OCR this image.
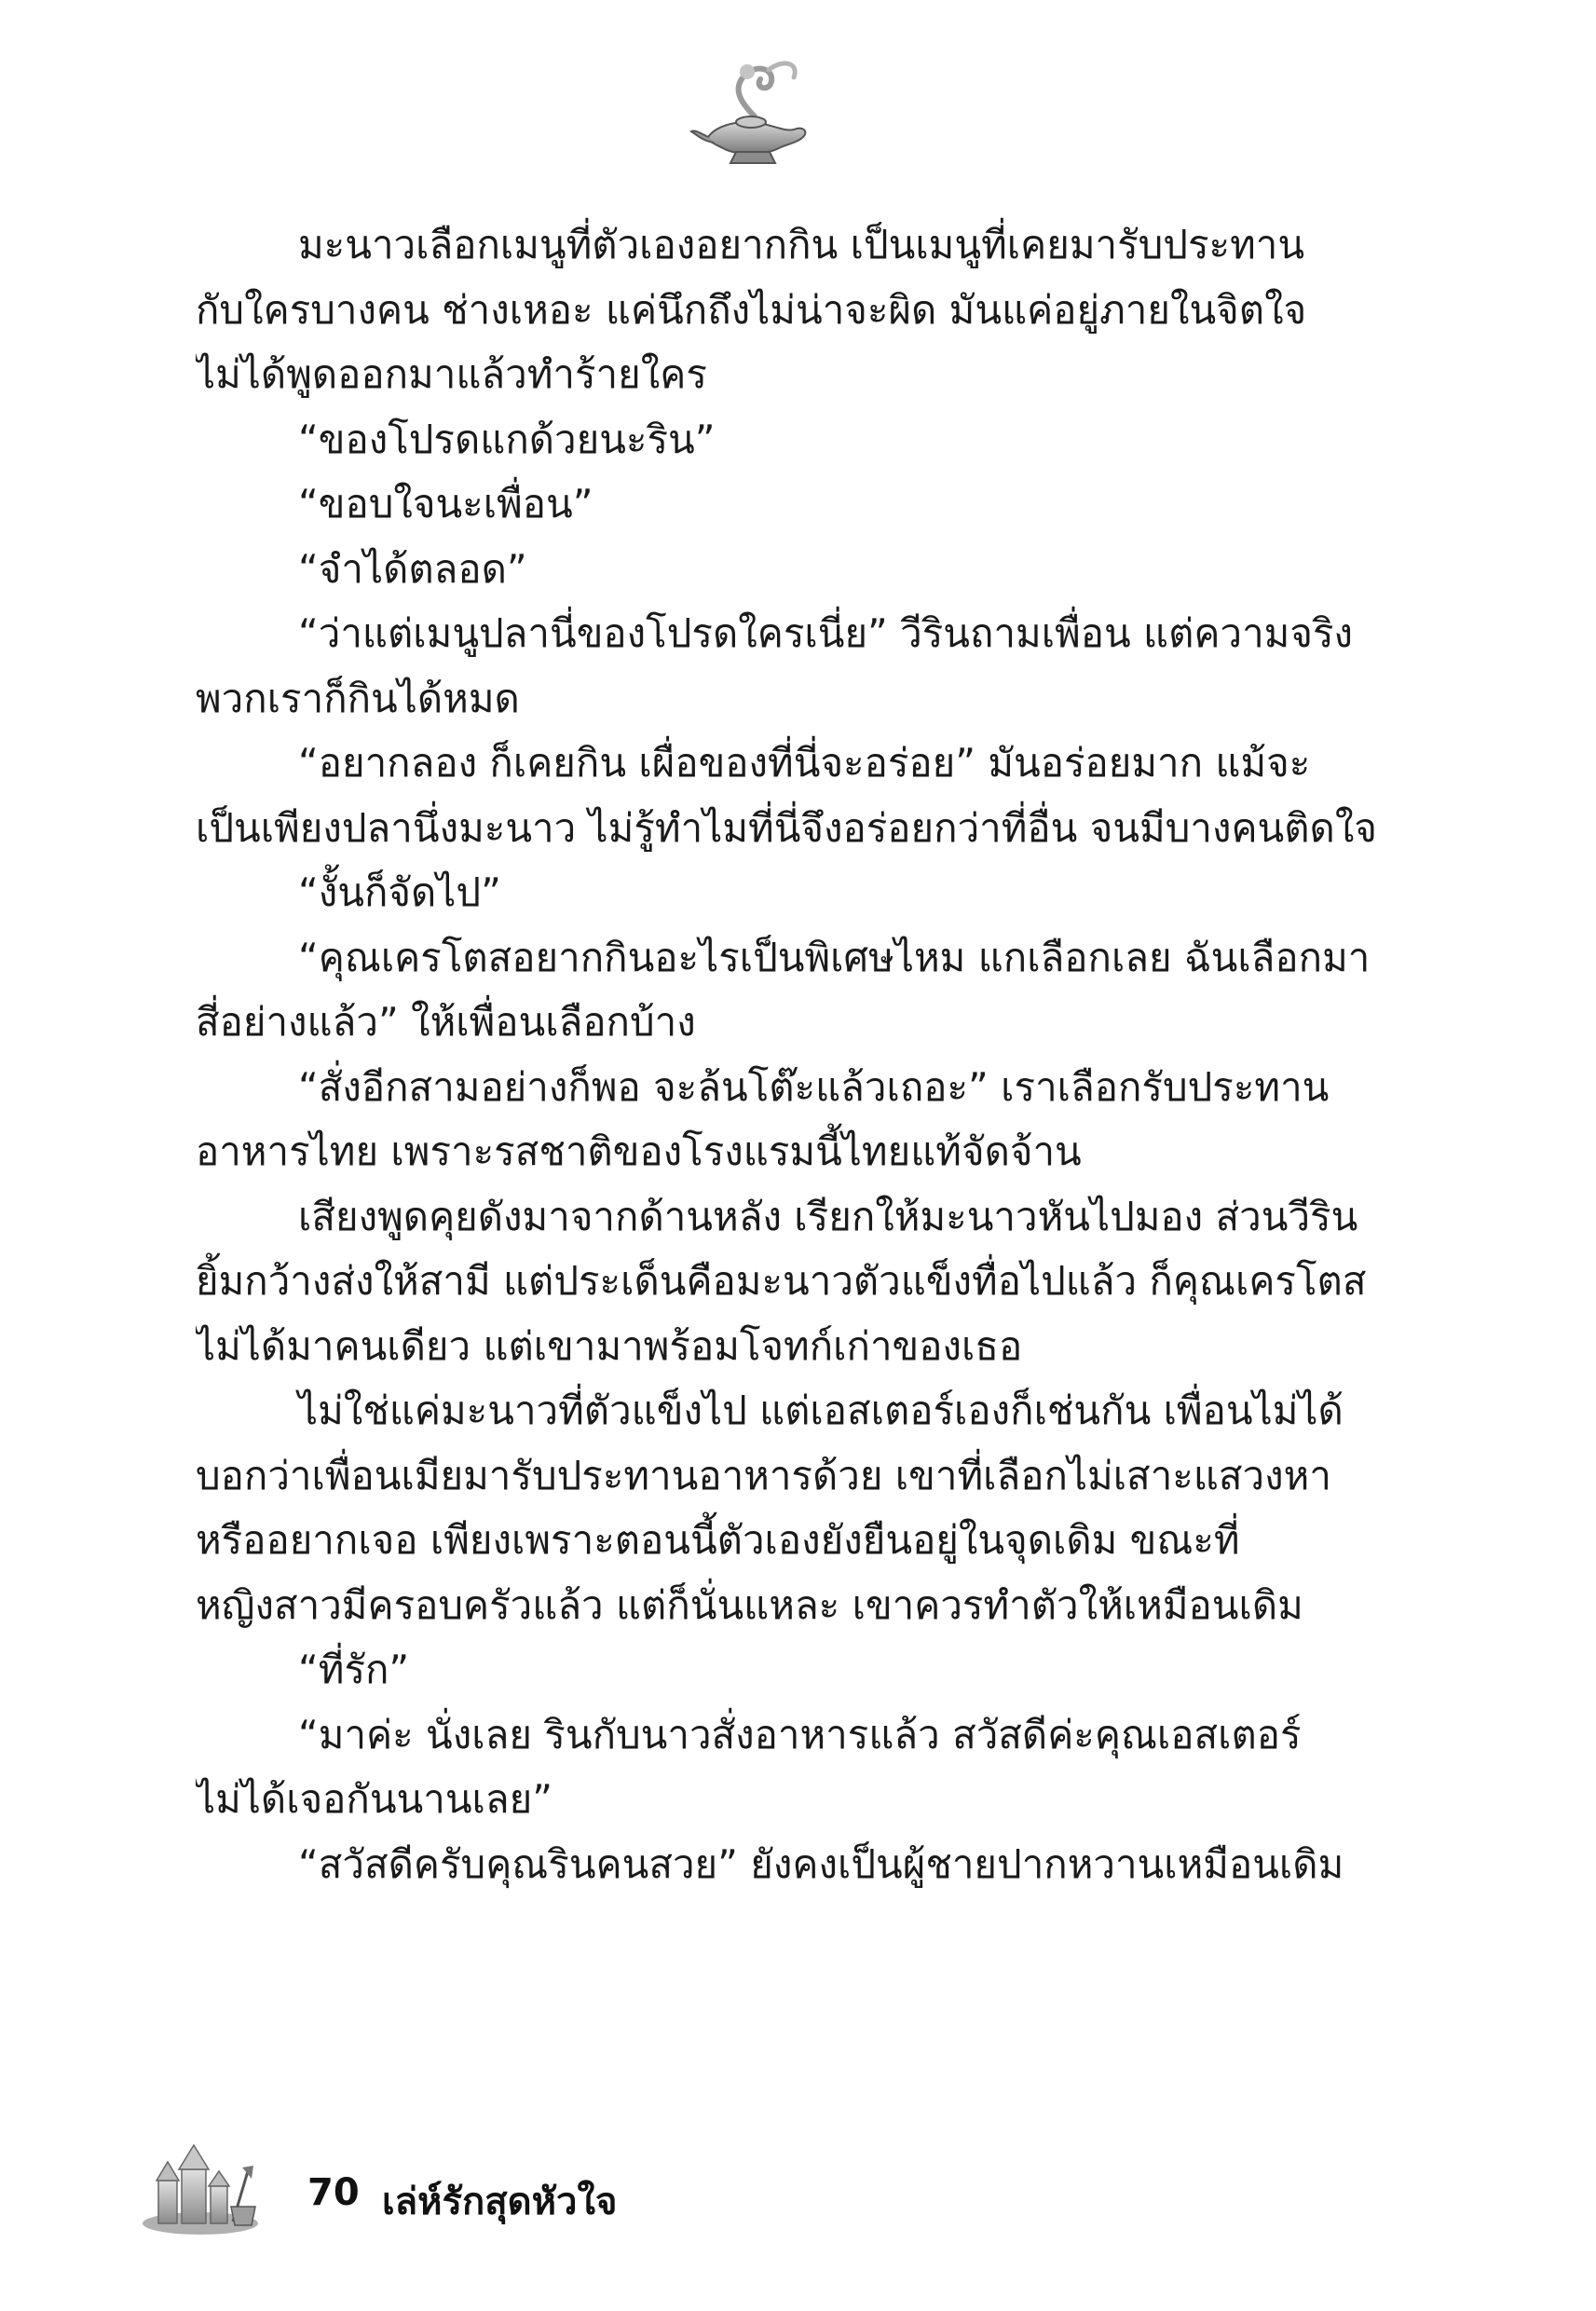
มะนาวเลือกเมนูที่ตัวเองอยากกิน เป็นเมนูที่เคยมารับประทาน
กับใครบางคน ช่างเหอะ แค่นึกถึงไม่น่าจะผิด มันแค่อยู่ภายในจิตใจ
ไม่ได้พูดออกมาแล้วทำร้ายใคร
“ของโปรดแกด้วยนะริน”
“ขอบใจนะเพื่อน”
“จำได้ตลอด”
“ว่าแต่เมนูปลานี่ของโปรดใครเนี่ย” วีรินถามเพื่อน แต่ความจริง
พวกเราก็กินได้หมด
“อยากลอง ก็เคยกิน เผื่อของที่นี่จะอร่อย” มันอร่อยมาก แม้จะ
เป็นเพียงปลานึ่งมะนาว ไม่รู้ทำไมที่นี่จึงอร่อยกว่าที่อื่น จนมีบางคนติดใจ
“งั้นก็จัดไป”
“คุณเครโตสอยากกินอะไรเป็นพิเศษไหม แกเลือกเลย ฉันเลือกมา
สี่อย่างแล้ว” ให้เพื่อนเลือกบ้าง
“สั่งอีกสามอย่างก็พอ จะล้นโต๊ะแล้วเถอะ” เราเลือกรับประทาน
อาหารไทย เพราะรสชาติของโรงแรมนี้ไทยแท้จัดจ้าน
เสียงพูดคุยดังมาจากด้านหลัง เรียกให้มะนาวหันไปมอง ส่วนวีริน
ยิ้มกว้างส่งให้สามี แต่ประเด็นคือมะนาวตัวแข็งทื่อไปแล้ว ก็คุณเครโตส
ไม่ได้มาคนเดียว แต่เขามาพร้อมโจทก์เก่าของเธอ
ไม่ใช่แค่มะนาวที่ตัวแข็งไป แต่เอสเตอร์เองก็เช่นกัน เพื่อนไม่ได้
บอกว่าเพื่อนเมียมารับประทานอาหารด้วย เขาที่เลือกไม่เสาะแสวงหา
หรืออยากเจอ เพียงเพราะตอนนี้ตัวเองยังยืนอยู่ในจุดเดิม ขณะที่
หญิงสาวมีครอบครัวแล้ว แต่ก็นั่นแหละ เขาควรทำตัวให้เหมือนเดิม
“ที่รัก”
“มาค่ะ นั่งเลย รินกับนาวสั่งอาหารแล้ว สวัสดีค่ะคุณเอสเตอร์
ไม่ได้เจอกันนานเลย”
“สวัสดีครับคุณรินคนสวย” ยังคงเป็นผู้ชายปากหวานเหมือนเดิม
70 เล่ห์รักสุดหัวใจ
